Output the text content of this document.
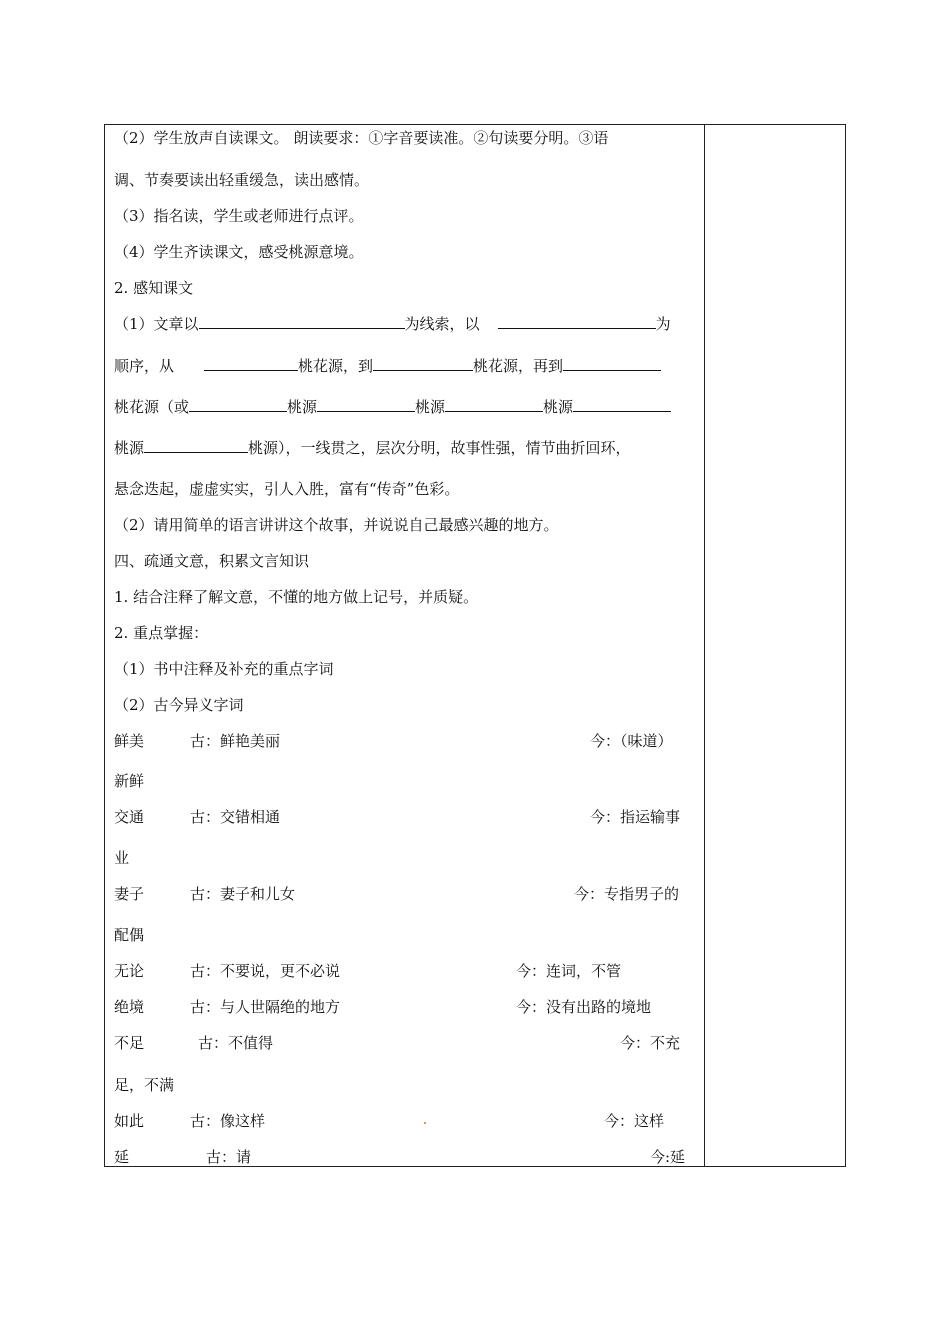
（2）学生放声自读课文。 朗读要求：①字音要读准。②句读要分明。③语
调、节奏要读出轻重缓急，读出感情。
（3）指名读，学生或老师进行点评。
（4）学生齐读课文，感受桃源意境。
2. 感知课文
（1）文章以	为线索，以	为
顺序，从	桃花源，到	桃花源，再到
桃花源（或	桃源	桃源	桃源
桃源	桃源），一线贯之，层次分明，故事性强，情节曲折回环，
悬念迭起，虚虚实实，引人入胜，富有“传奇”色彩。
（2）请用简单的语言讲讲这个故事，并说说自己最感兴趣的地方。
四、疏通文意，积累文言知识
1. 结合注释了解文意，不懂的地方做上记号，并质疑。
2. 重点掌握：
（1）书中注释及补充的重点字词
（2）古今异义字词
鲜美	古：鲜艳美丽	今：（味道）
新鲜
交通	古：交错相通	今：指运输事
业
妻子	古：妻子和儿女	今：专指男子的
配偶
无论	古：不要说，更不必说	今：连词，不管
绝境	古：与人世隔绝的地方	今：没有出路的境地
不足	古：不值得	今：不充
足，不满
如此	古：像这样	今：这样
延	古：请	今:延
